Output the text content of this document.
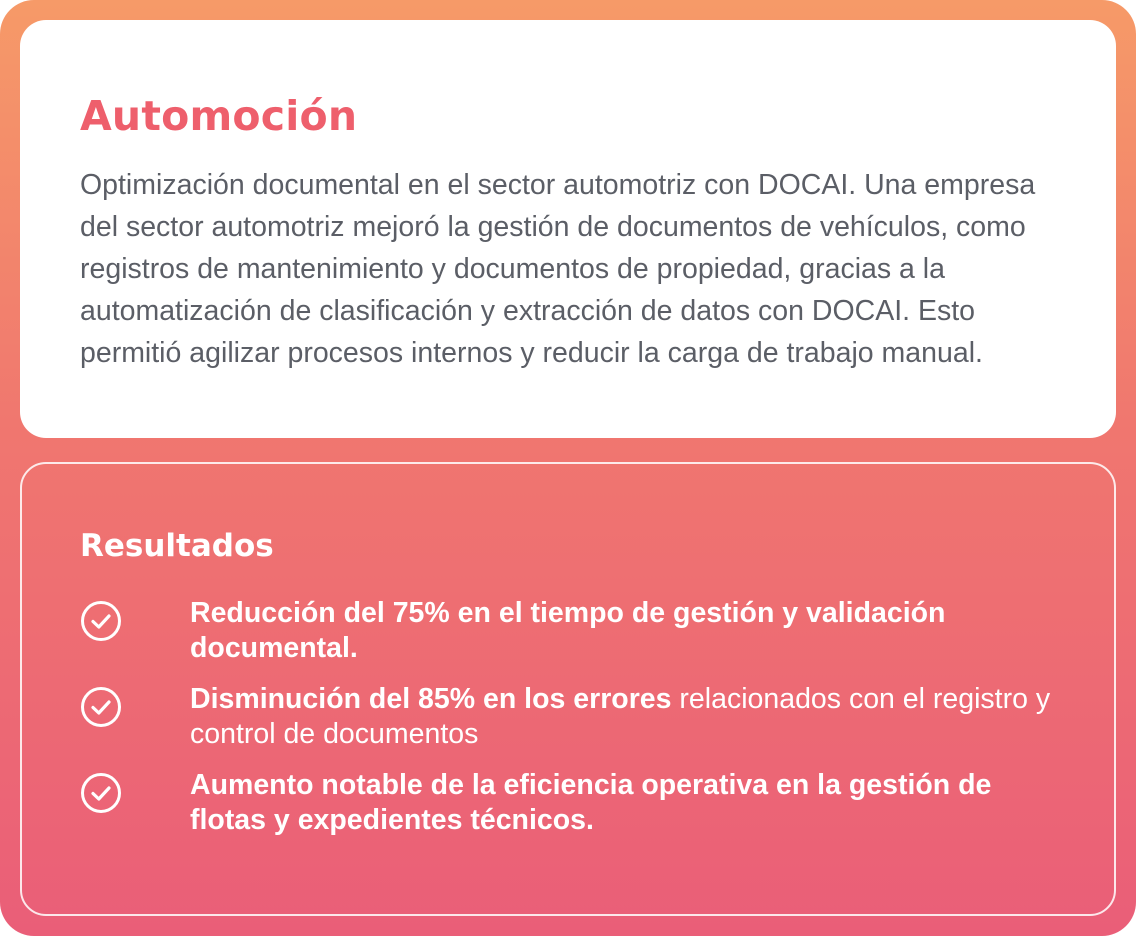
Automoción

Optimización documental en el sector automotriz con DOCAI. Una empresa del sector automotriz mejoró la gestión de documentos de vehículos, como registros de mantenimiento y documentos de propiedad, gracias a la automatización de clasificación y extracción de datos con DOCAI. Esto permitió agilizar procesos internos y reducir la carga de trabajo manual.

Resultados
Reducción del 75% en el tiempo de gestión y validación documental.
Disminución del 85% en los errores relacionados con el registro y control de documentos
Aumento notable de la eficiencia operativa en la gestión de flotas y expedientes técnicos.
